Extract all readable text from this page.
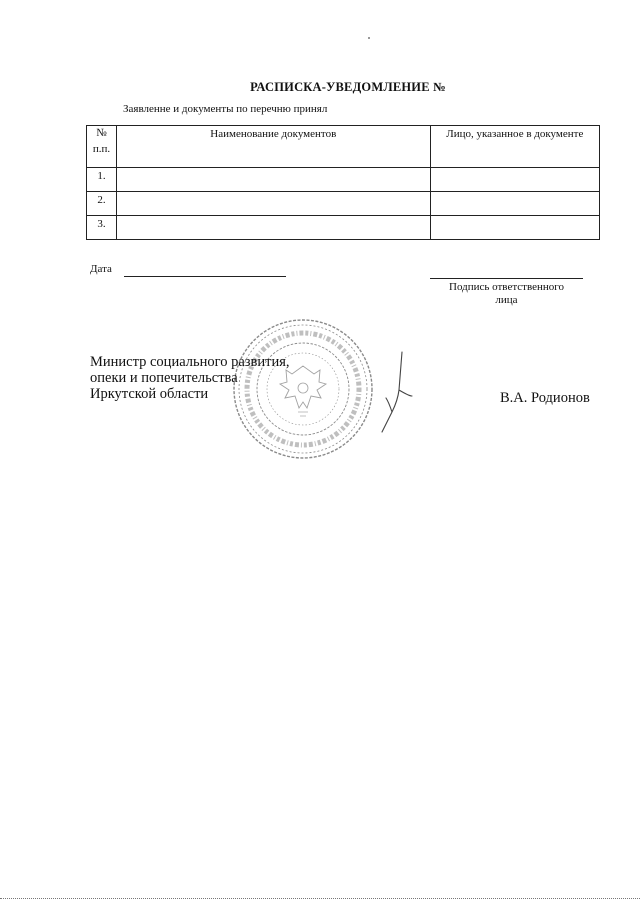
РАСПИСКА-УВЕДОМЛЕНИЕ №
Заявленне и документы по перечню принял
№
п.п.	Наименование документов	Лицо, указанное в документе

1.		

2.		

3.		

Дата
Подпись ответственного
лица
Министр социального развития,
опеки и попечительства
Иркутской области	В.А. Родионов
